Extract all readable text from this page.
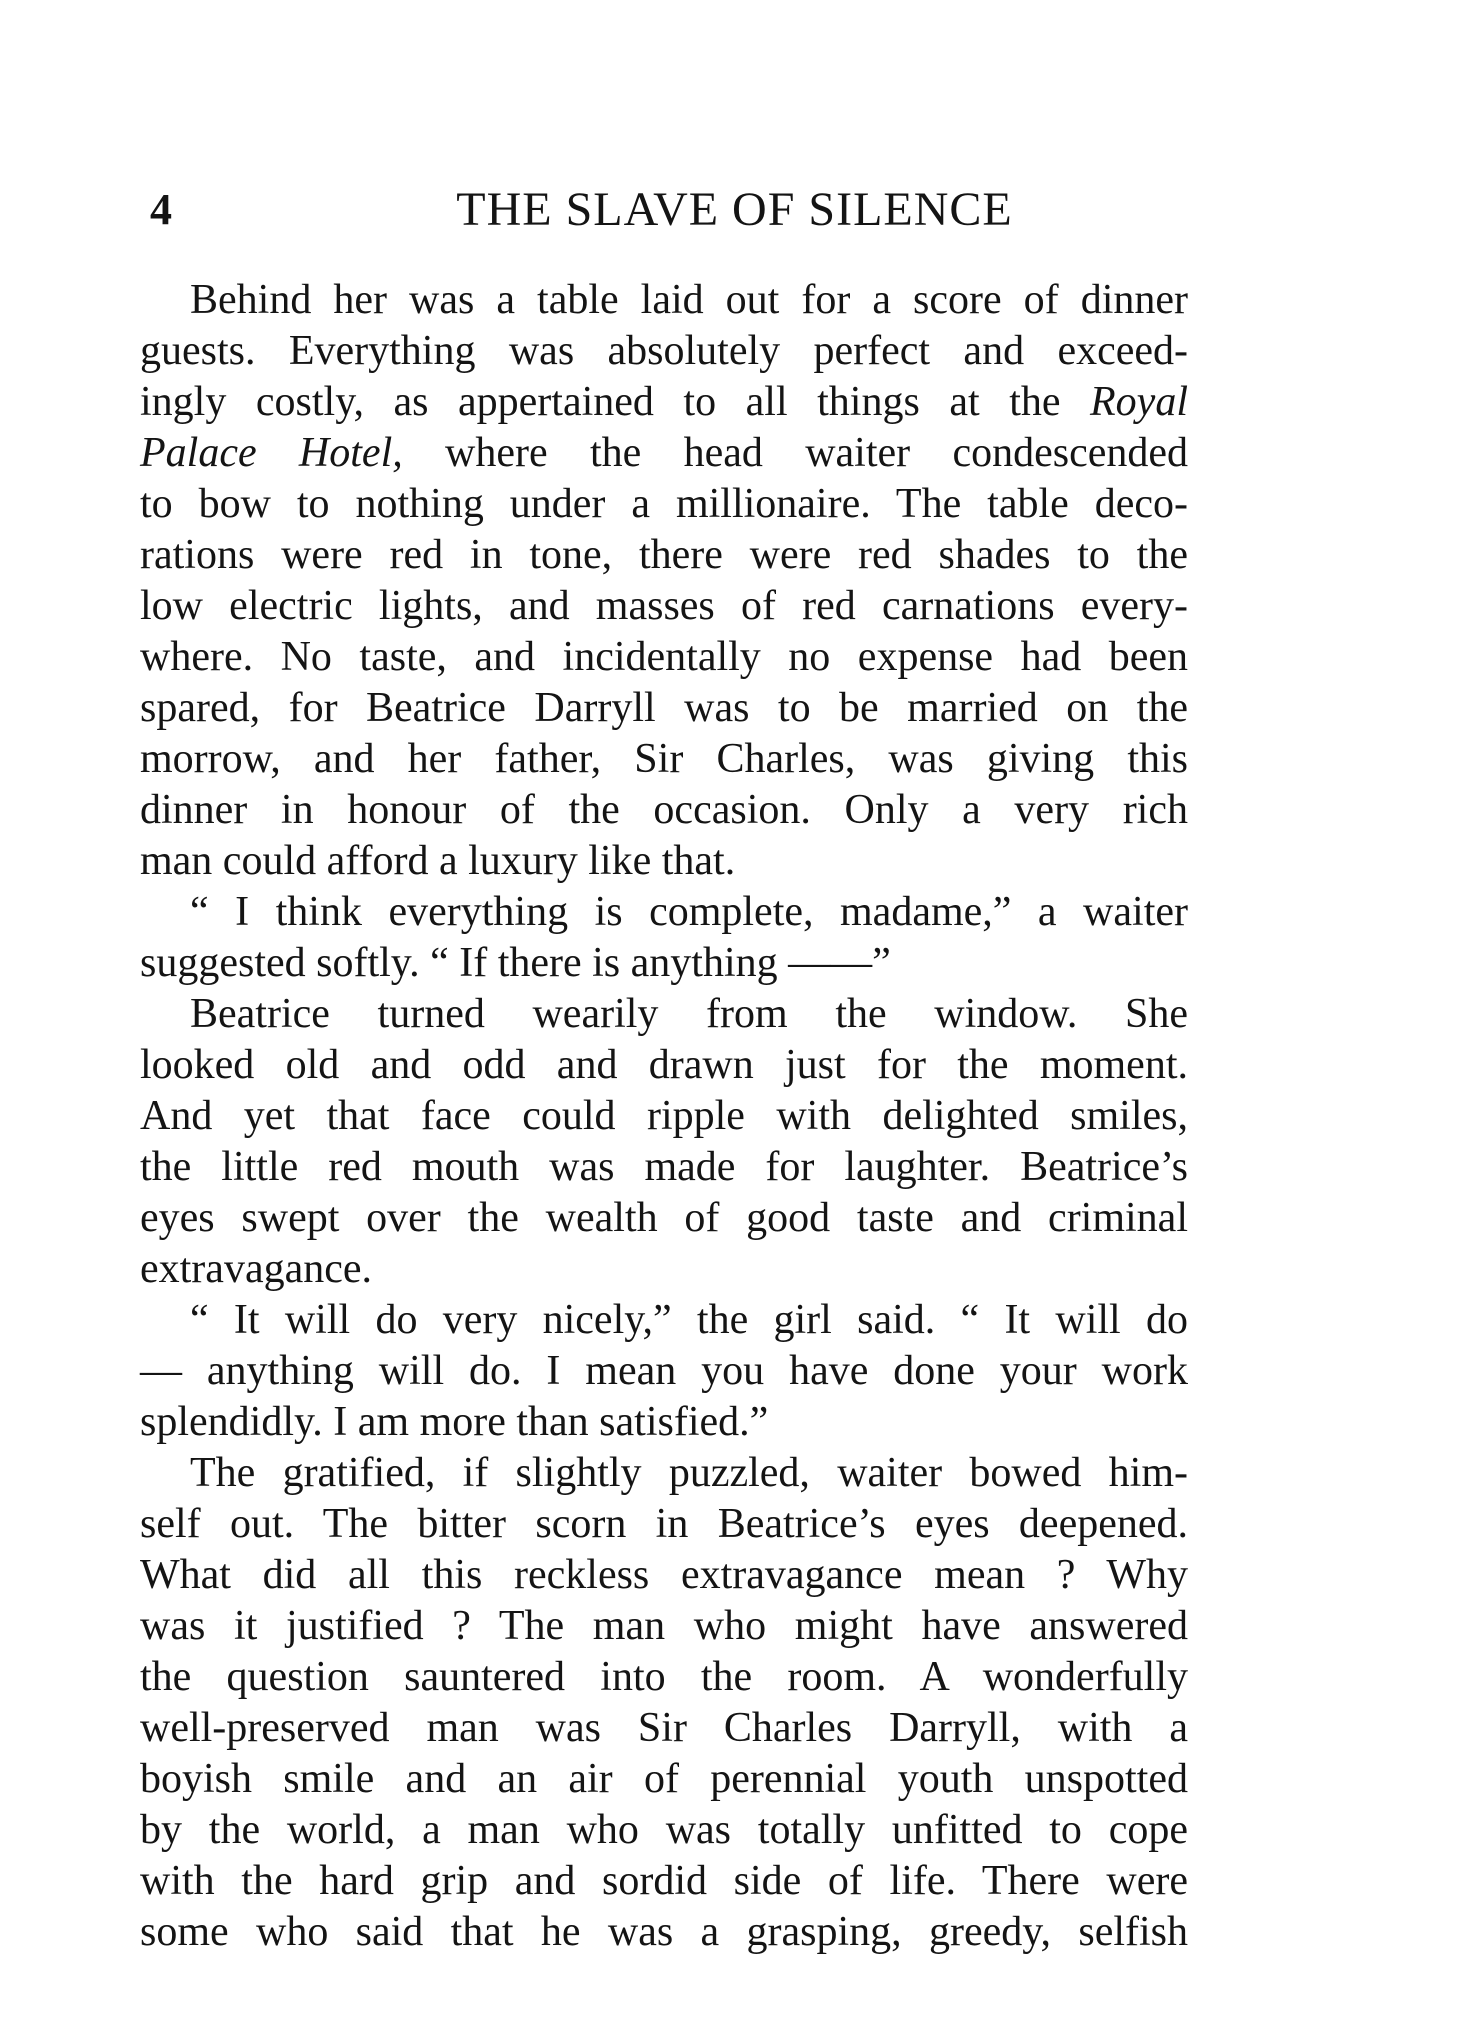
4	THE SLAVE OF SILENCE
Behind her was a table laid out for a score of dinner
guests. Everything was absolutely perfect and exceed-
ingly costly, as appertained to all things at the Royal
Palace Hotel, where the head waiter condescended
to bow to nothing under a millionaire. The table deco-
rations were red in tone, there were red shades to the
low electric lights, and masses of red carnations every-
where. No taste, and incidentally no expense had been
spared, for Beatrice Darryll was to be married on the
morrow, and her father, Sir Charles, was giving this
dinner in honour of the occasion. Only a very rich
man could afford a luxury like that.
“ I think everything is complete, madame,” a waiter
suggested softly. “ If there is anything ——”
Beatrice turned wearily from the window. She
looked old and odd and drawn just for the moment.
And yet that face could ripple with delighted smiles,
the little red mouth was made for laughter. Beatrice’s
eyes swept over the wealth of good taste and criminal
extravagance.
“ It will do very nicely,” the girl said. “ It will do
— anything will do. I mean you have done your work
splendidly. I am more than satisfied.”
The gratified, if slightly puzzled, waiter bowed him-
self out. The bitter scorn in Beatrice’s eyes deepened.
What did all this reckless extravagance mean ? Why
was it justified ? The man who might have answered
the question sauntered into the room. A wonderfully
well-preserved man was Sir Charles Darryll, with a
boyish smile and an air of perennial youth unspotted
by the world, a man who was totally unfitted to cope
with the hard grip and sordid side of life. There were
some who said that he was a grasping, greedy, selfish
